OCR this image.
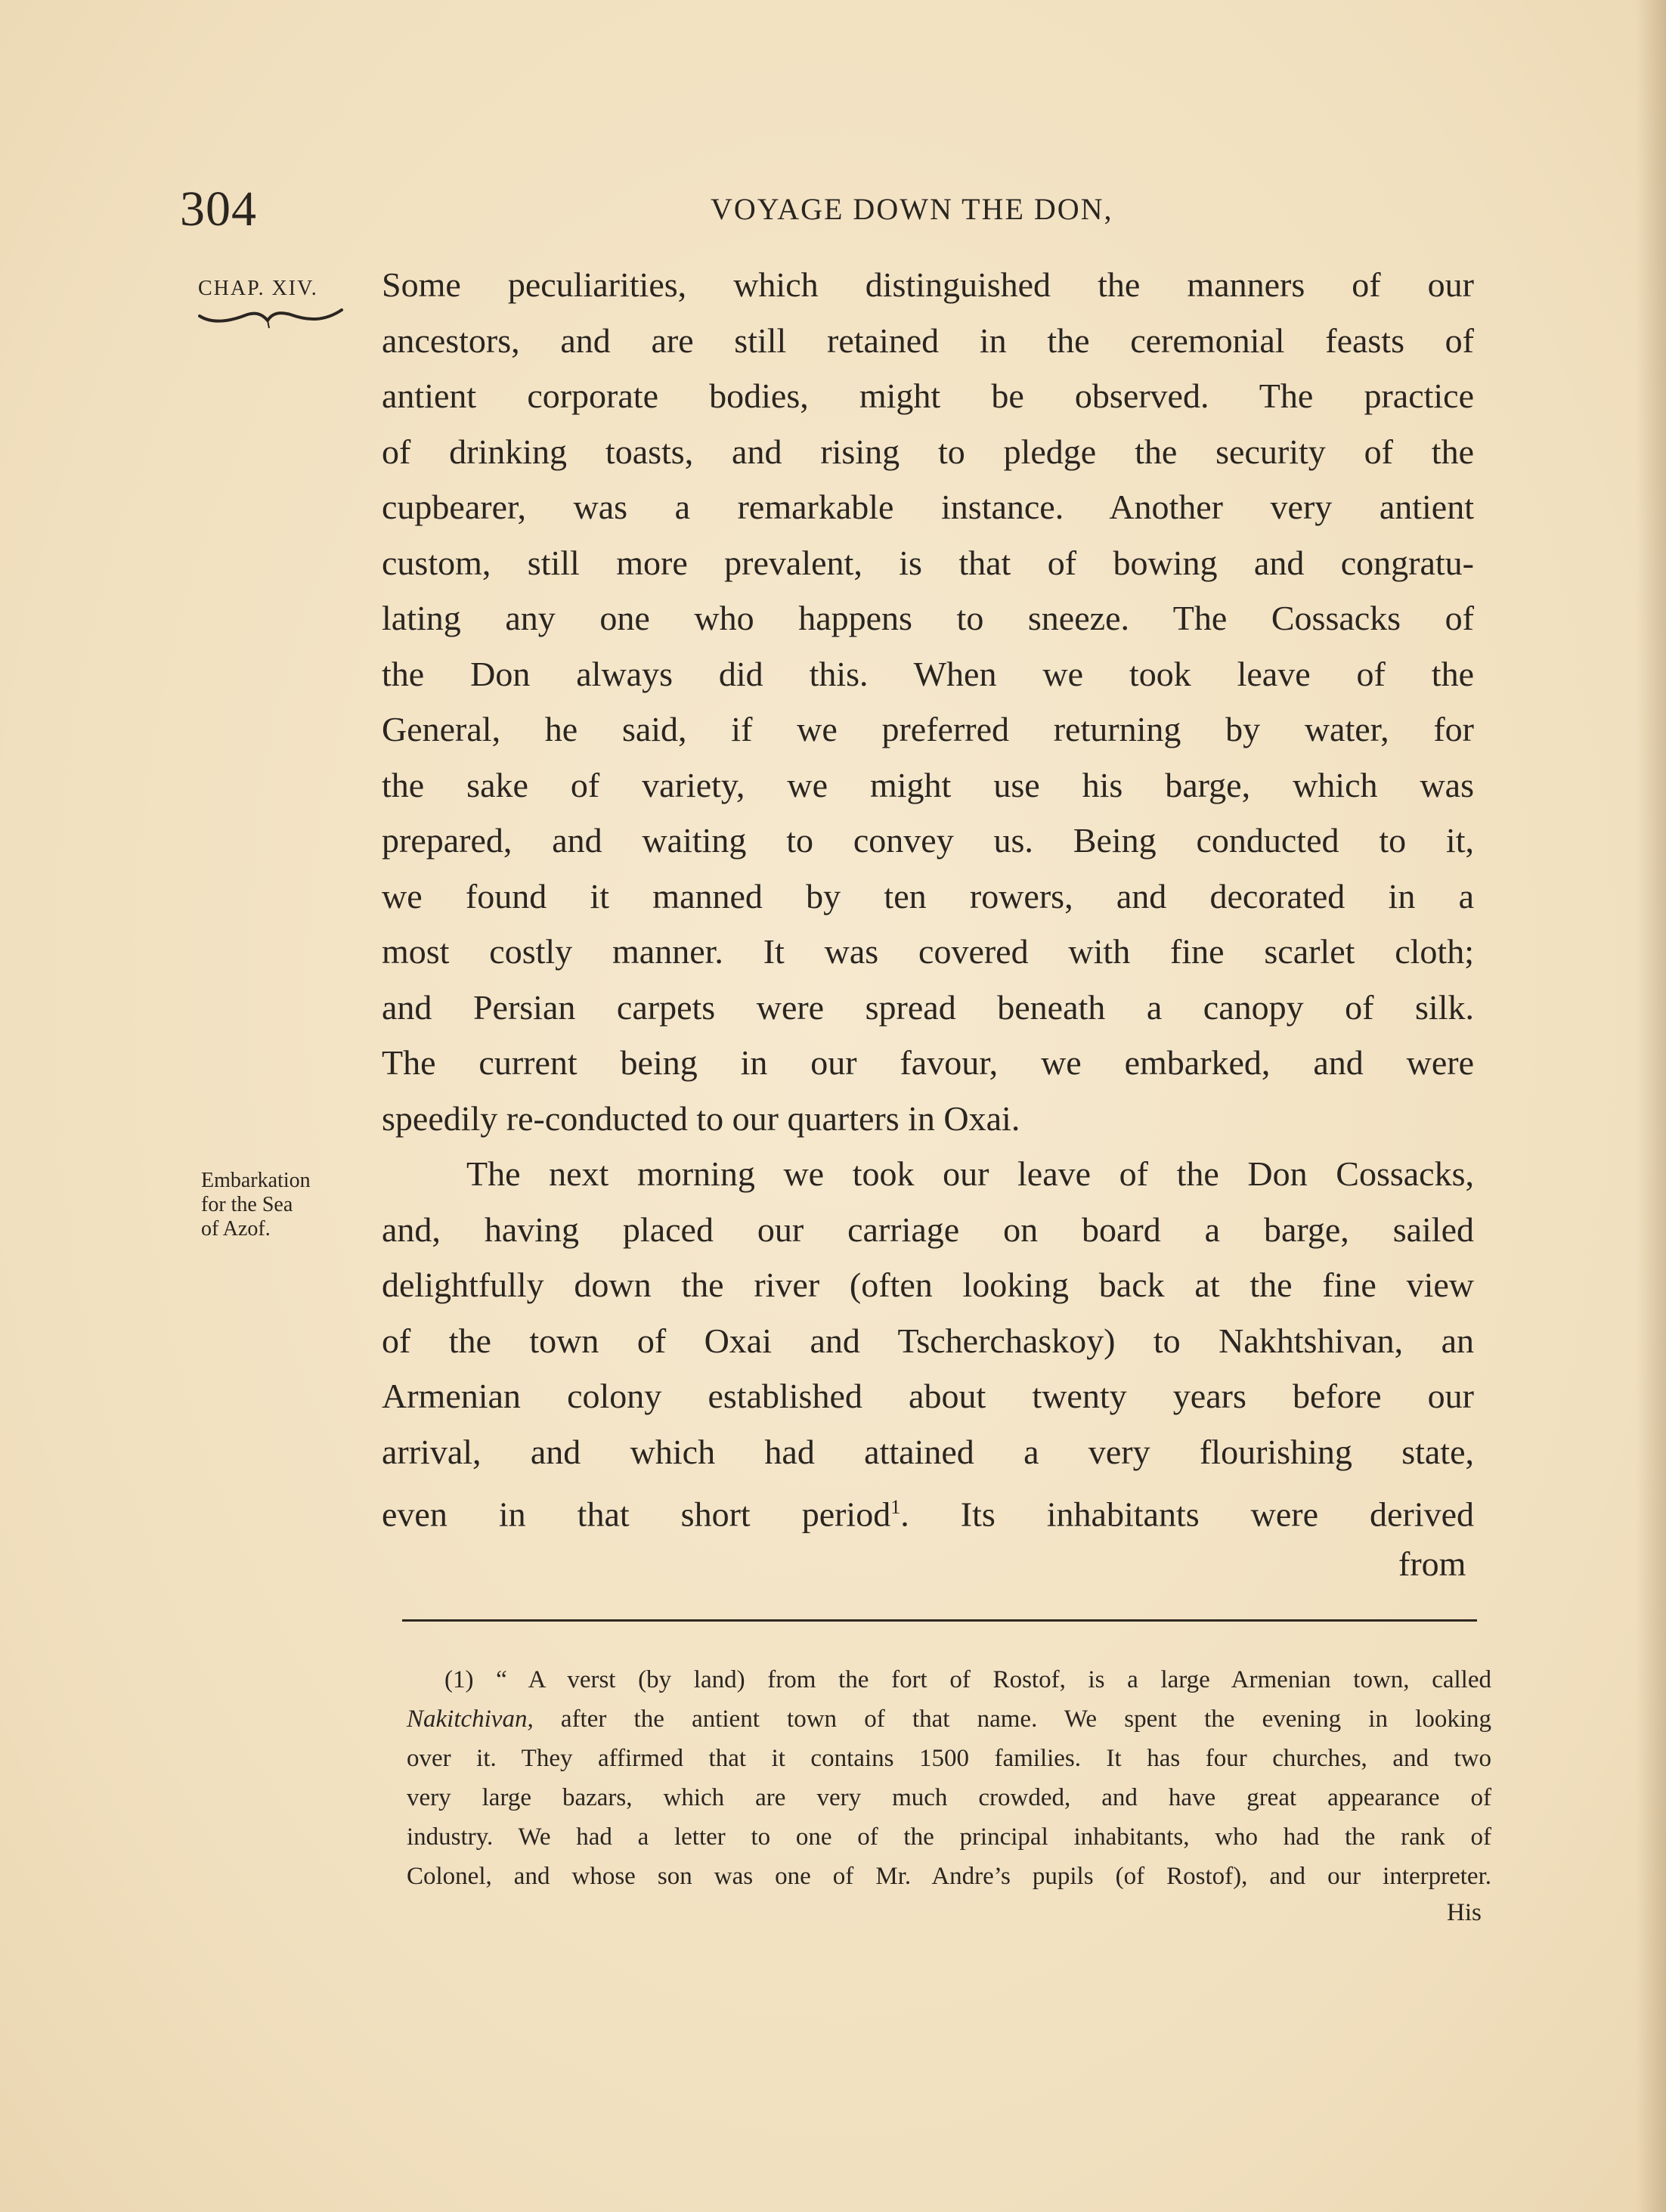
304	VOYAGE DOWN THE DON,
CHAP. XIV.
Embarkation
for the Sea
of Azof.
Some peculiarities, which distinguished the manners of our
ancestors, and are still retained in the ceremonial feasts of
antient corporate bodies, might be observed. The practice
of drinking toasts, and rising to pledge the security of the
cupbearer, was a remarkable instance. Another very antient
custom, still more prevalent, is that of bowing and congratu-
lating any one who happens to sneeze. The Cossacks of
the Don always did this. When we took leave of the
General, he said, if we preferred returning by water, for
the sake of variety, we might use his barge, which was
prepared, and waiting to convey us. Being conducted to it,
we found it manned by ten rowers, and decorated in a
most costly manner. It was covered with fine scarlet cloth;
and Persian carpets were spread beneath a canopy of silk.
The current being in our favour, we embarked, and were
speedily re-conducted to our quarters in Oxai.
The next morning we took our leave of the Don Cossacks,
and, having placed our carriage on board a barge, sailed
delightfully down the river (often looking back at the fine view
of the town of Oxai and Tscherchaskoy) to Nakhtshivan, an
Armenian colony established about twenty years before our
arrival, and which had attained a very flourishing state,
even in that short period$^1$. Its inhabitants were derived
from
(1) “ A verst (by land) from the fort of Rostof, is a large Armenian town, called
Nakitchivan, after the antient town of that name. We spent the evening in looking
over it. They affirmed that it contains 1500 families. It has four churches, and two
very large bazars, which are very much crowded, and have great appearance of
industry. We had a letter to one of the principal inhabitants, who had the rank of
Colonel, and whose son was one of Mr. Andre’s pupils (of Rostof), and our interpreter.
His
